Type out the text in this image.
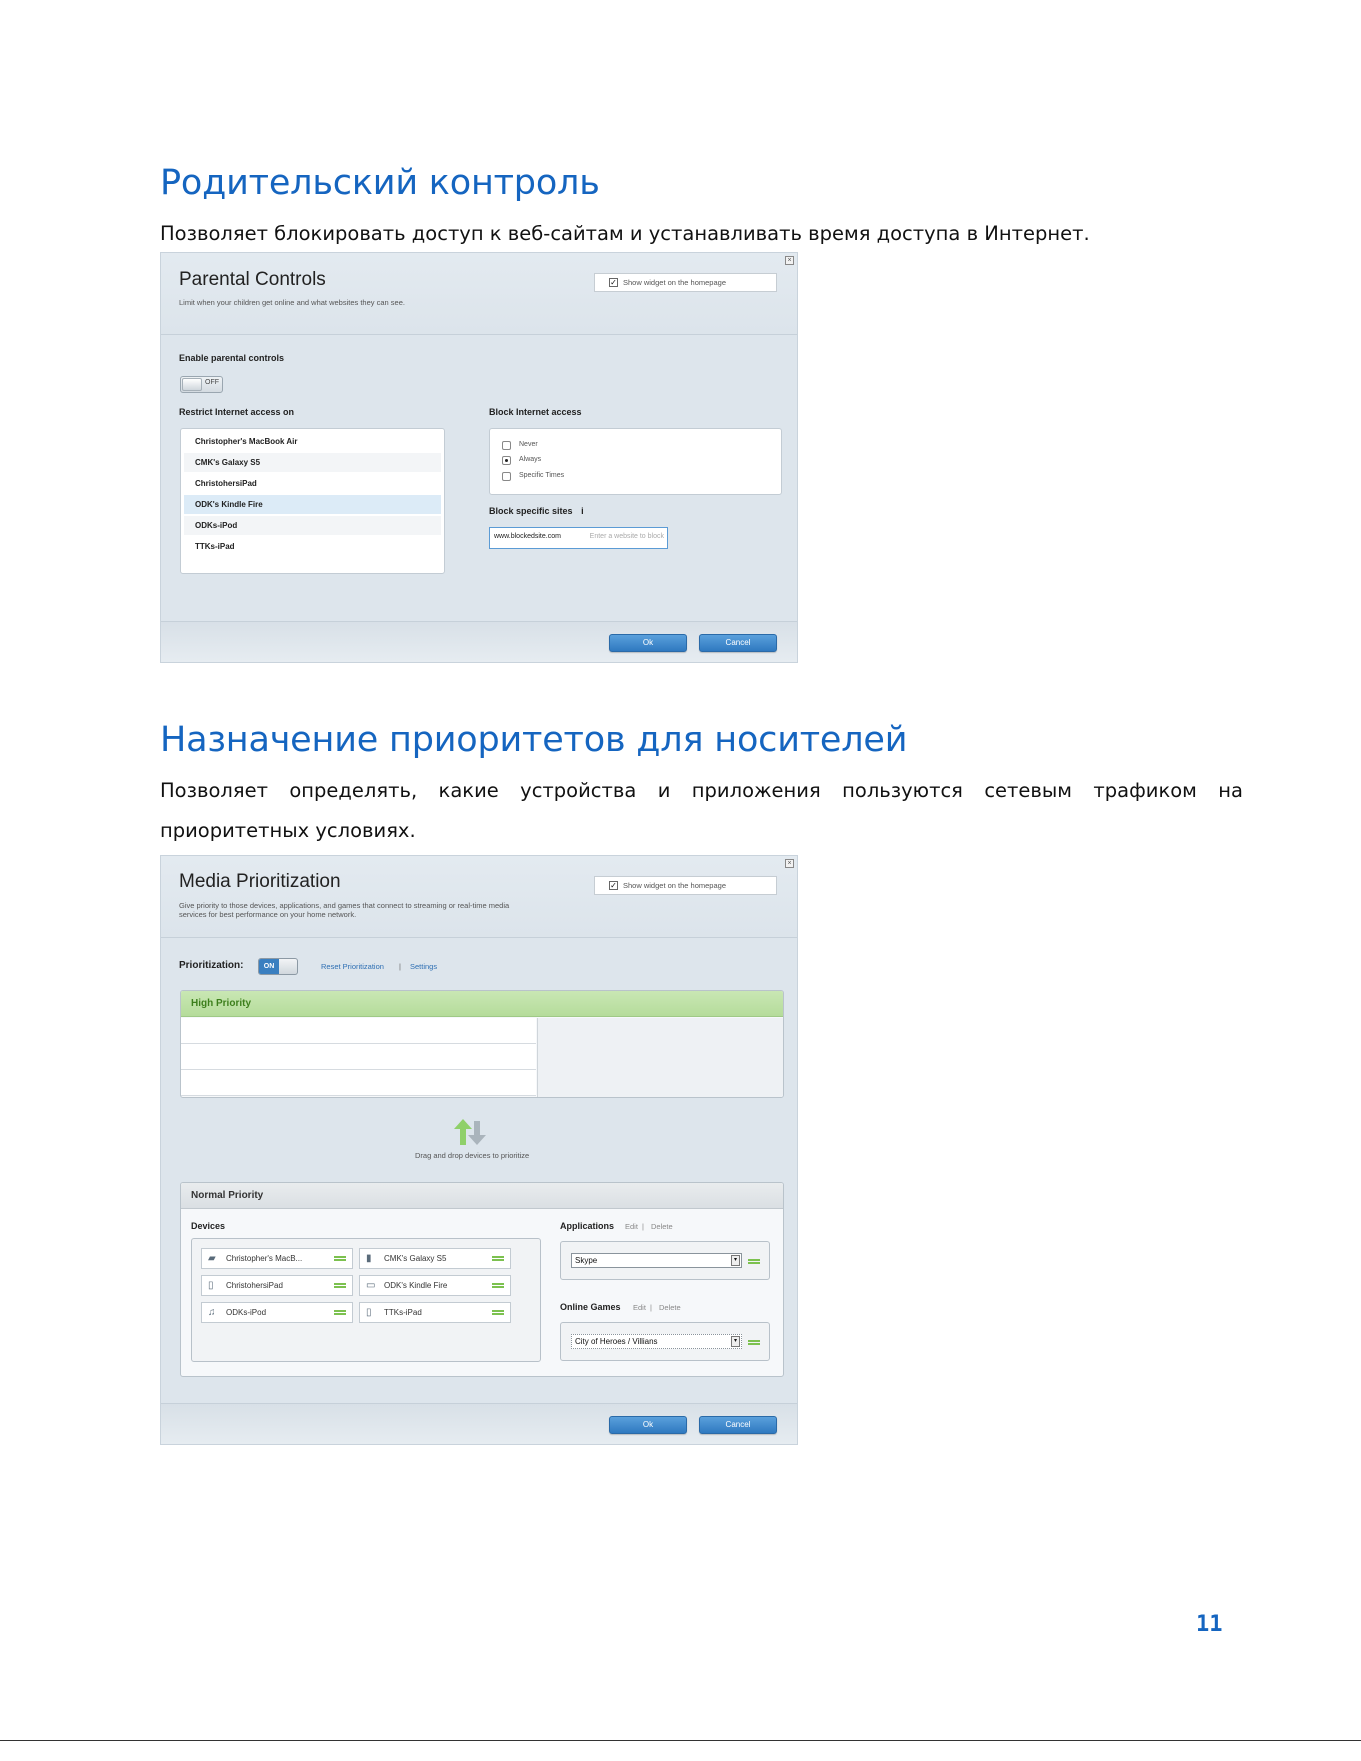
Родительский контроль

Позволяет блокировать доступ к веб-сайтам и устанавливать время доступа в Интернет.

Parental Controls
Limit when your children get online and what websites they can see.
✓ Show widget on the homepage
×
Enable parental controls
OFF
Restrict Internet access on
Christopher's MacBook Air
CMK's Galaxy S5
ChristohersiPad
ODK's Kindle Fire
ODKs-iPod
TTKs-iPad
Block Internet access
Never
Always
Specific Times
Block specific sites i
www.blockedsite.com	Enter a website to block
Ok	Cancel
Назначение приоритетов для носителей

Позволяет определять, какие устройства и приложения пользуются сетевым трафиком на приоритетных условиях.

Media Prioritization
Give priority to those devices, applications, and games that connect to streaming or real-time media
services for best performance on your home network.
✓ Show widget on the homepage
×
Prioritization:	ON	Reset Prioritization | Settings
High Priority
Drag and drop devices to prioritize
Normal Priority
Devices
▰ Christopher's MacB...	▮ CMK's Galaxy S5
▯ ChristohersiPad	▭ ODK's Kindle Fire
♫ ODKs-iPod	▯ TTKs-iPad
Applications Edit | Delete
Skype	▾
Online Games Edit | Delete
City of Heroes / Villians	▾
Ok	Cancel
11
